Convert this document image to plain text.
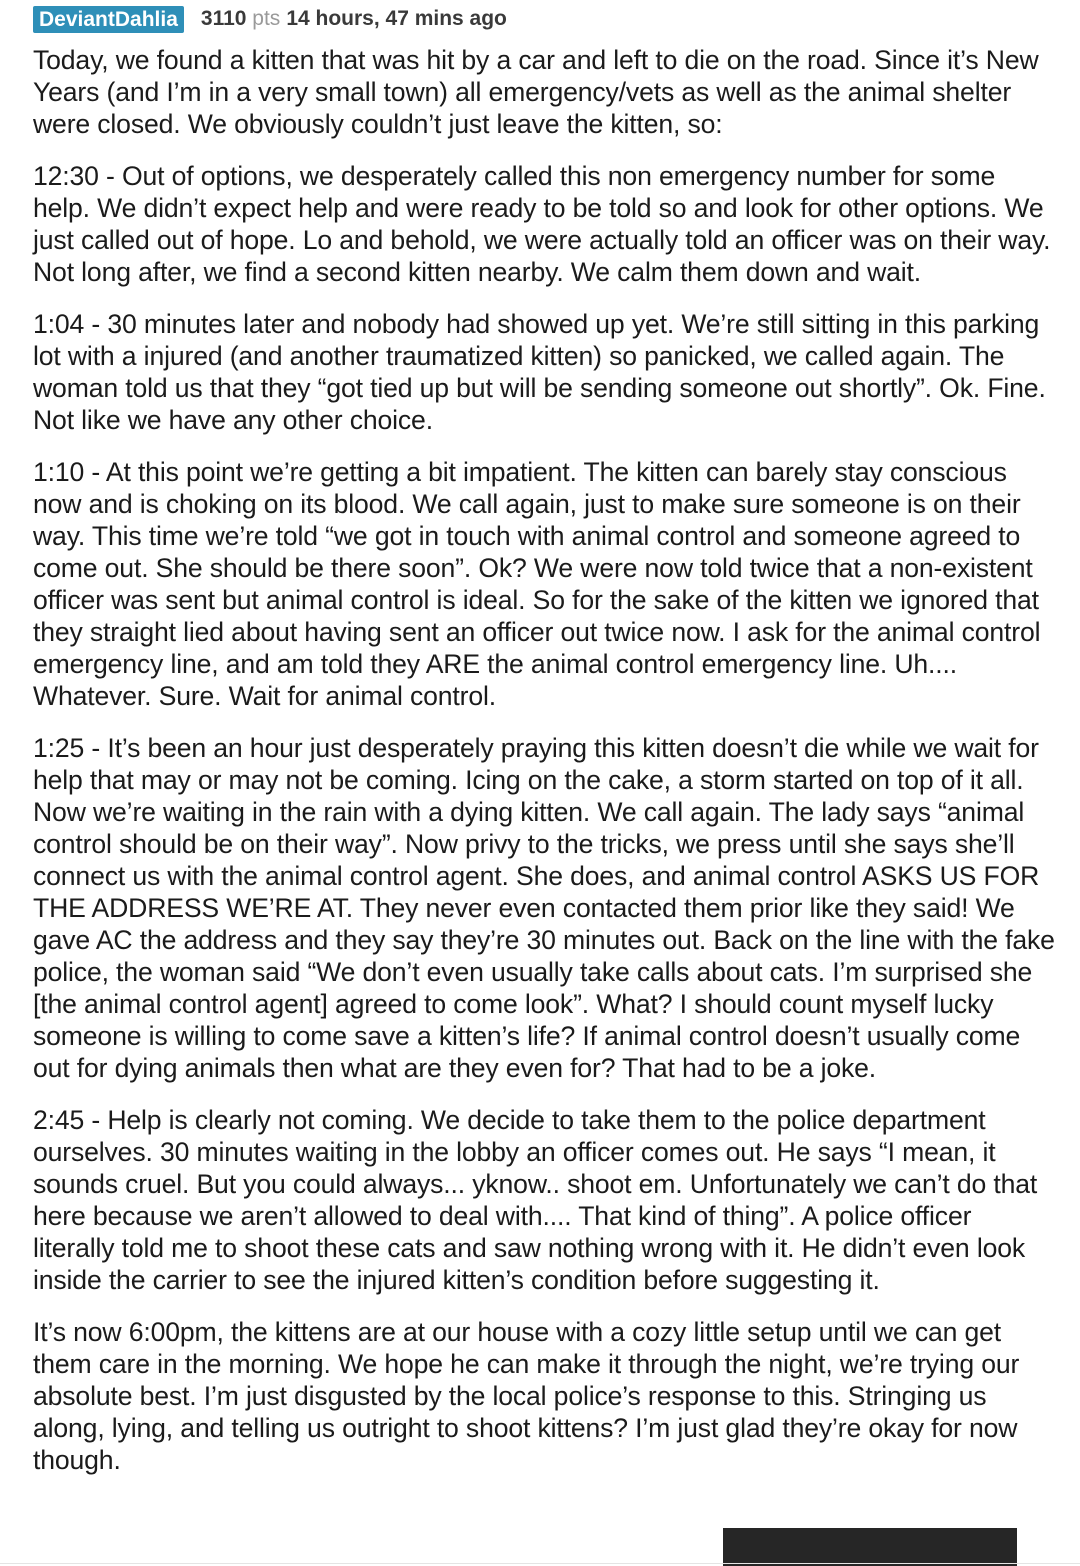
DeviantDahlia 3110 pts 14 hours, 47 mins ago

Today, we found a kitten that was hit by a car and left to die on the road. Since it’s New Years (and I’m in a very small town) all emergency/vets as well as the animal shelter were closed. We obviously couldn’t just leave the kitten, so:

12:30 - Out of options, we desperately called this non emergency number for some help. We didn’t expect help and were ready to be told so and look for other options. We just called out of hope. Lo and behold, we were actually told an officer was on their way. Not long after, we find a second kitten nearby. We calm them down and wait.

1:04 - 30 minutes later and nobody had showed up yet. We’re still sitting in this parking lot with a injured (and another traumatized kitten) so panicked, we called again. The woman told us that they “got tied up but will be sending someone out shortly”. Ok. Fine. Not like we have any other choice.

1:10 - At this point we’re getting a bit impatient. The kitten can barely stay conscious now and is choking on its blood. We call again, just to make sure someone is on their way. This time we’re told “we got in touch with animal control and someone agreed to come out. She should be there soon”. Ok? We were now told twice that a non-existent officer was sent but animal control is ideal. So for the sake of the kitten we ignored that they straight lied about having sent an officer out twice now. I ask for the animal control emergency line, and am told they ARE the animal control emergency line. Uh.... Whatever. Sure. Wait for animal control.

1:25 - It’s been an hour just desperately praying this kitten doesn’t die while we wait for help that may or may not be coming. Icing on the cake, a storm started on top of it all. Now we’re waiting in the rain with a dying kitten. We call again. The lady says “animal control should be on their way”. Now privy to the tricks, we press until she says she’ll connect us with the animal control agent. She does, and animal control ASKS US FOR THE ADDRESS WE’RE AT. They never even contacted them prior like they said! We gave AC the address and they say they’re 30 minutes out. Back on the line with the fake police, the woman said “We don’t even usually take calls about cats. I’m surprised she [the animal control agent] agreed to come look”. What? I should count myself lucky someone is willing to come save a kitten’s life? If animal control doesn’t usually come out for dying animals then what are they even for? That had to be a joke.

2:45 - Help is clearly not coming. We decide to take them to the police department ourselves. 30 minutes waiting in the lobby an officer comes out. He says “I mean, it sounds cruel. But you could always... yknow.. shoot em. Unfortunately we can’t do that here because we aren’t allowed to deal with.... That kind of thing”. A police officer literally told me to shoot these cats and saw nothing wrong with it. He didn’t even look inside the carrier to see the injured kitten’s condition before suggesting it.

It’s now 6:00pm, the kittens are at our house with a cozy little setup until we can get them care in the morning. We hope he can make it through the night, we’re trying our absolute best. I’m just disgusted by the local police’s response to this. Stringing us along, lying, and telling us outright to shoot kittens? I’m just glad they’re okay for now though.
